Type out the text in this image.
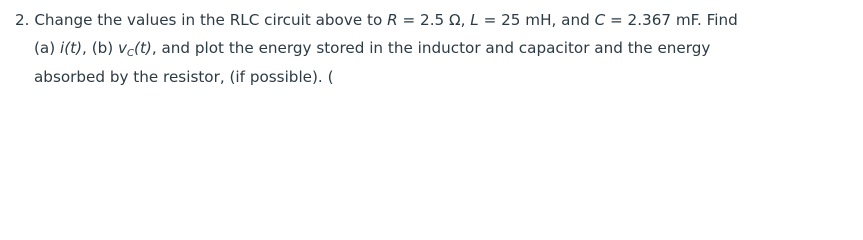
2. Change the values in the RLC circuit above to R = 2.5 Ω, L = 25 mH, and C = 2.367 mF. Find
(a) i(t), (b) $v_C(t)$, and plot the energy stored in the inductor and capacitor and the energy
absorbed by the resistor, (if possible). (
